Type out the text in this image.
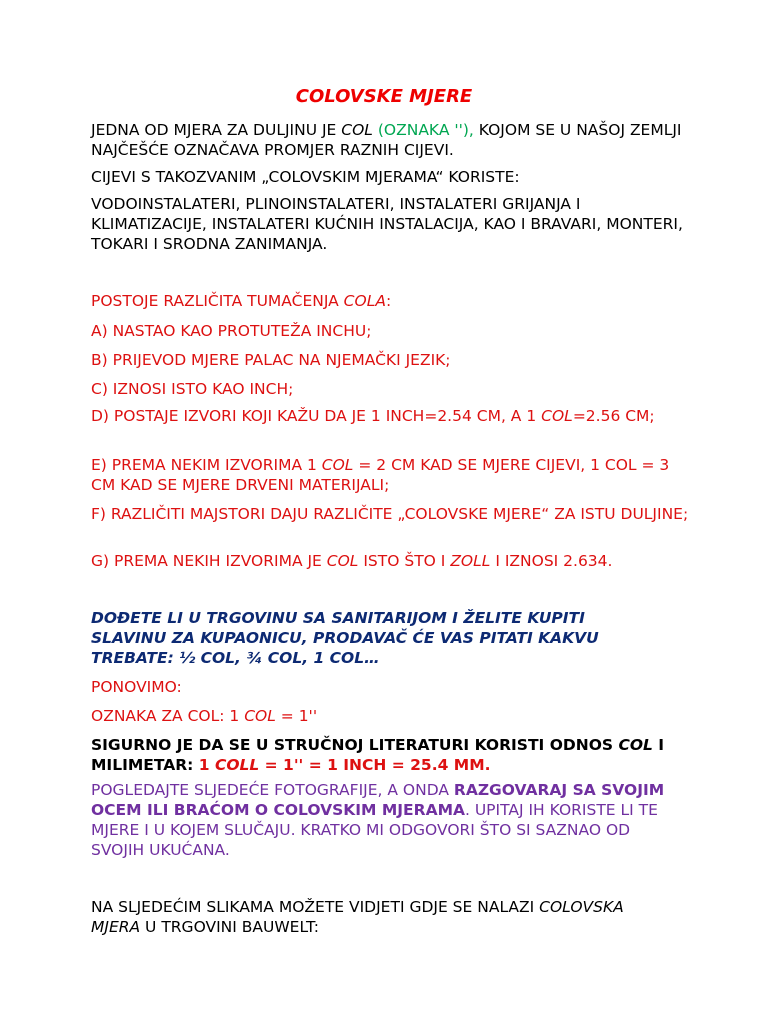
COLOVSKE MJERE

JEDNA OD MJERA ZA DULJINU JE COL (OZNAKA ''), KOJOM SE U NAŠOJ ZEMLJI NAJČEŠĆE OZNAČAVA PROMJER RAZNIH CIJEVI.

CIJEVI S TAKOZVANIM „COLOVSKIM MJERAMA“ KORISTE:

VODOINSTALATERI, PLINOINSTALATERI, INSTALATERI GRIJANJA I KLIMATIZACIJE, INSTALATERI KUĆNIH INSTALACIJA, KAO I BRAVARI, MONTERI, TOKARI I SRODNA ZANIMANJA.

POSTOJE RAZLIČITA TUMAČENJA COLA:

A) NASTAO KAO PROTUTEŽA INCHU;

B) PRIJEVOD MJERE PALAC NA NJEMAČKI JEZIK;

C) IZNOSI ISTO KAO INCH;

D) POSTAJE IZVORI KOJI KAŽU DA JE 1 INCH=2.54 CM, A 1 COL=2.56 CM;

E) PREMA NEKIM IZVORIMA 1 COL = 2 CM KAD SE MJERE CIJEVI, 1 COL = 3 CM KAD SE MJERE DRVENI MATERIJALI;

F) RAZLIČITI MAJSTORI DAJU RAZLIČITE „COLOVSKE MJERE“ ZA ISTU DULJINE;

G) PREMA NEKIH IZVORIMA JE COL ISTO ŠTO I ZOLL I IZNOSI 2.634.

DOĐETE LI U TRGOVINU SA SANITARIJOM I ŽELITE KUPITI SLAVINU ZA KUPAONICU, PRODAVAČ ĆE VAS PITATI KAKVU TREBATE: ½ COL, ¾ COL, 1 COL…

PONOVIMO:

OZNAKA ZA COL: 1 COL = 1''

SIGURNO JE DA SE U STRUČNOJ LITERATURI KORISTI ODNOS COL I MILIMETAR: 1 COLL = 1'' = 1 INCH = 25.4 MM.

POGLEDAJTE SLJEDEĆE FOTOGRAFIJE, A ONDA RAZGOVARAJ SA SVOJIM OCEM ILI BRAĆOM O COLOVSKIM MJERAMA. UPITAJ IH KORISTE LI TE MJERE I U KOJEM SLUČAJU. KRATKO MI ODGOVORI ŠTO SI SAZNAO OD SVOJIH UKUĆANA.

NA SLJEDEĆIM SLIKAMA MOŽETE VIDJETI GDJE SE NALAZI COLOVSKA MJERA U TRGOVINI BAUWELT:
